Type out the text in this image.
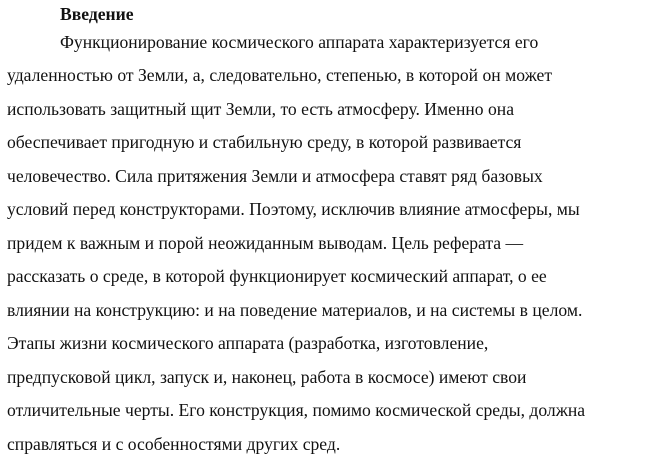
Введение
Функционирование космического аппарата характеризуется его
удаленностью от Земли, а, следовательно, степенью, в которой он может
использовать защитный щит Земли, то есть атмосферу. Именно она
обеспечивает пригодную и стабильную среду, в которой развивается
человечество. Сила притяжения Земли и атмосфера ставят ряд базовых
условий перед конструкторами. Поэтому, исключив влияние атмосферы, мы
придем к важным и порой неожиданным выводам. Цель реферата —
рассказать о среде, в которой функционирует космический аппарат, о ее
влиянии на конструкцию: и на поведение материалов, и на системы в целом.
Этапы жизни космического аппарата (разработка, изготовление,
предпусковой цикл, запуск и, наконец, работа в космосе) имеют свои
отличительные черты. Его конструкция, помимо космической среды, должна
справляться и с особенностями других сред.
